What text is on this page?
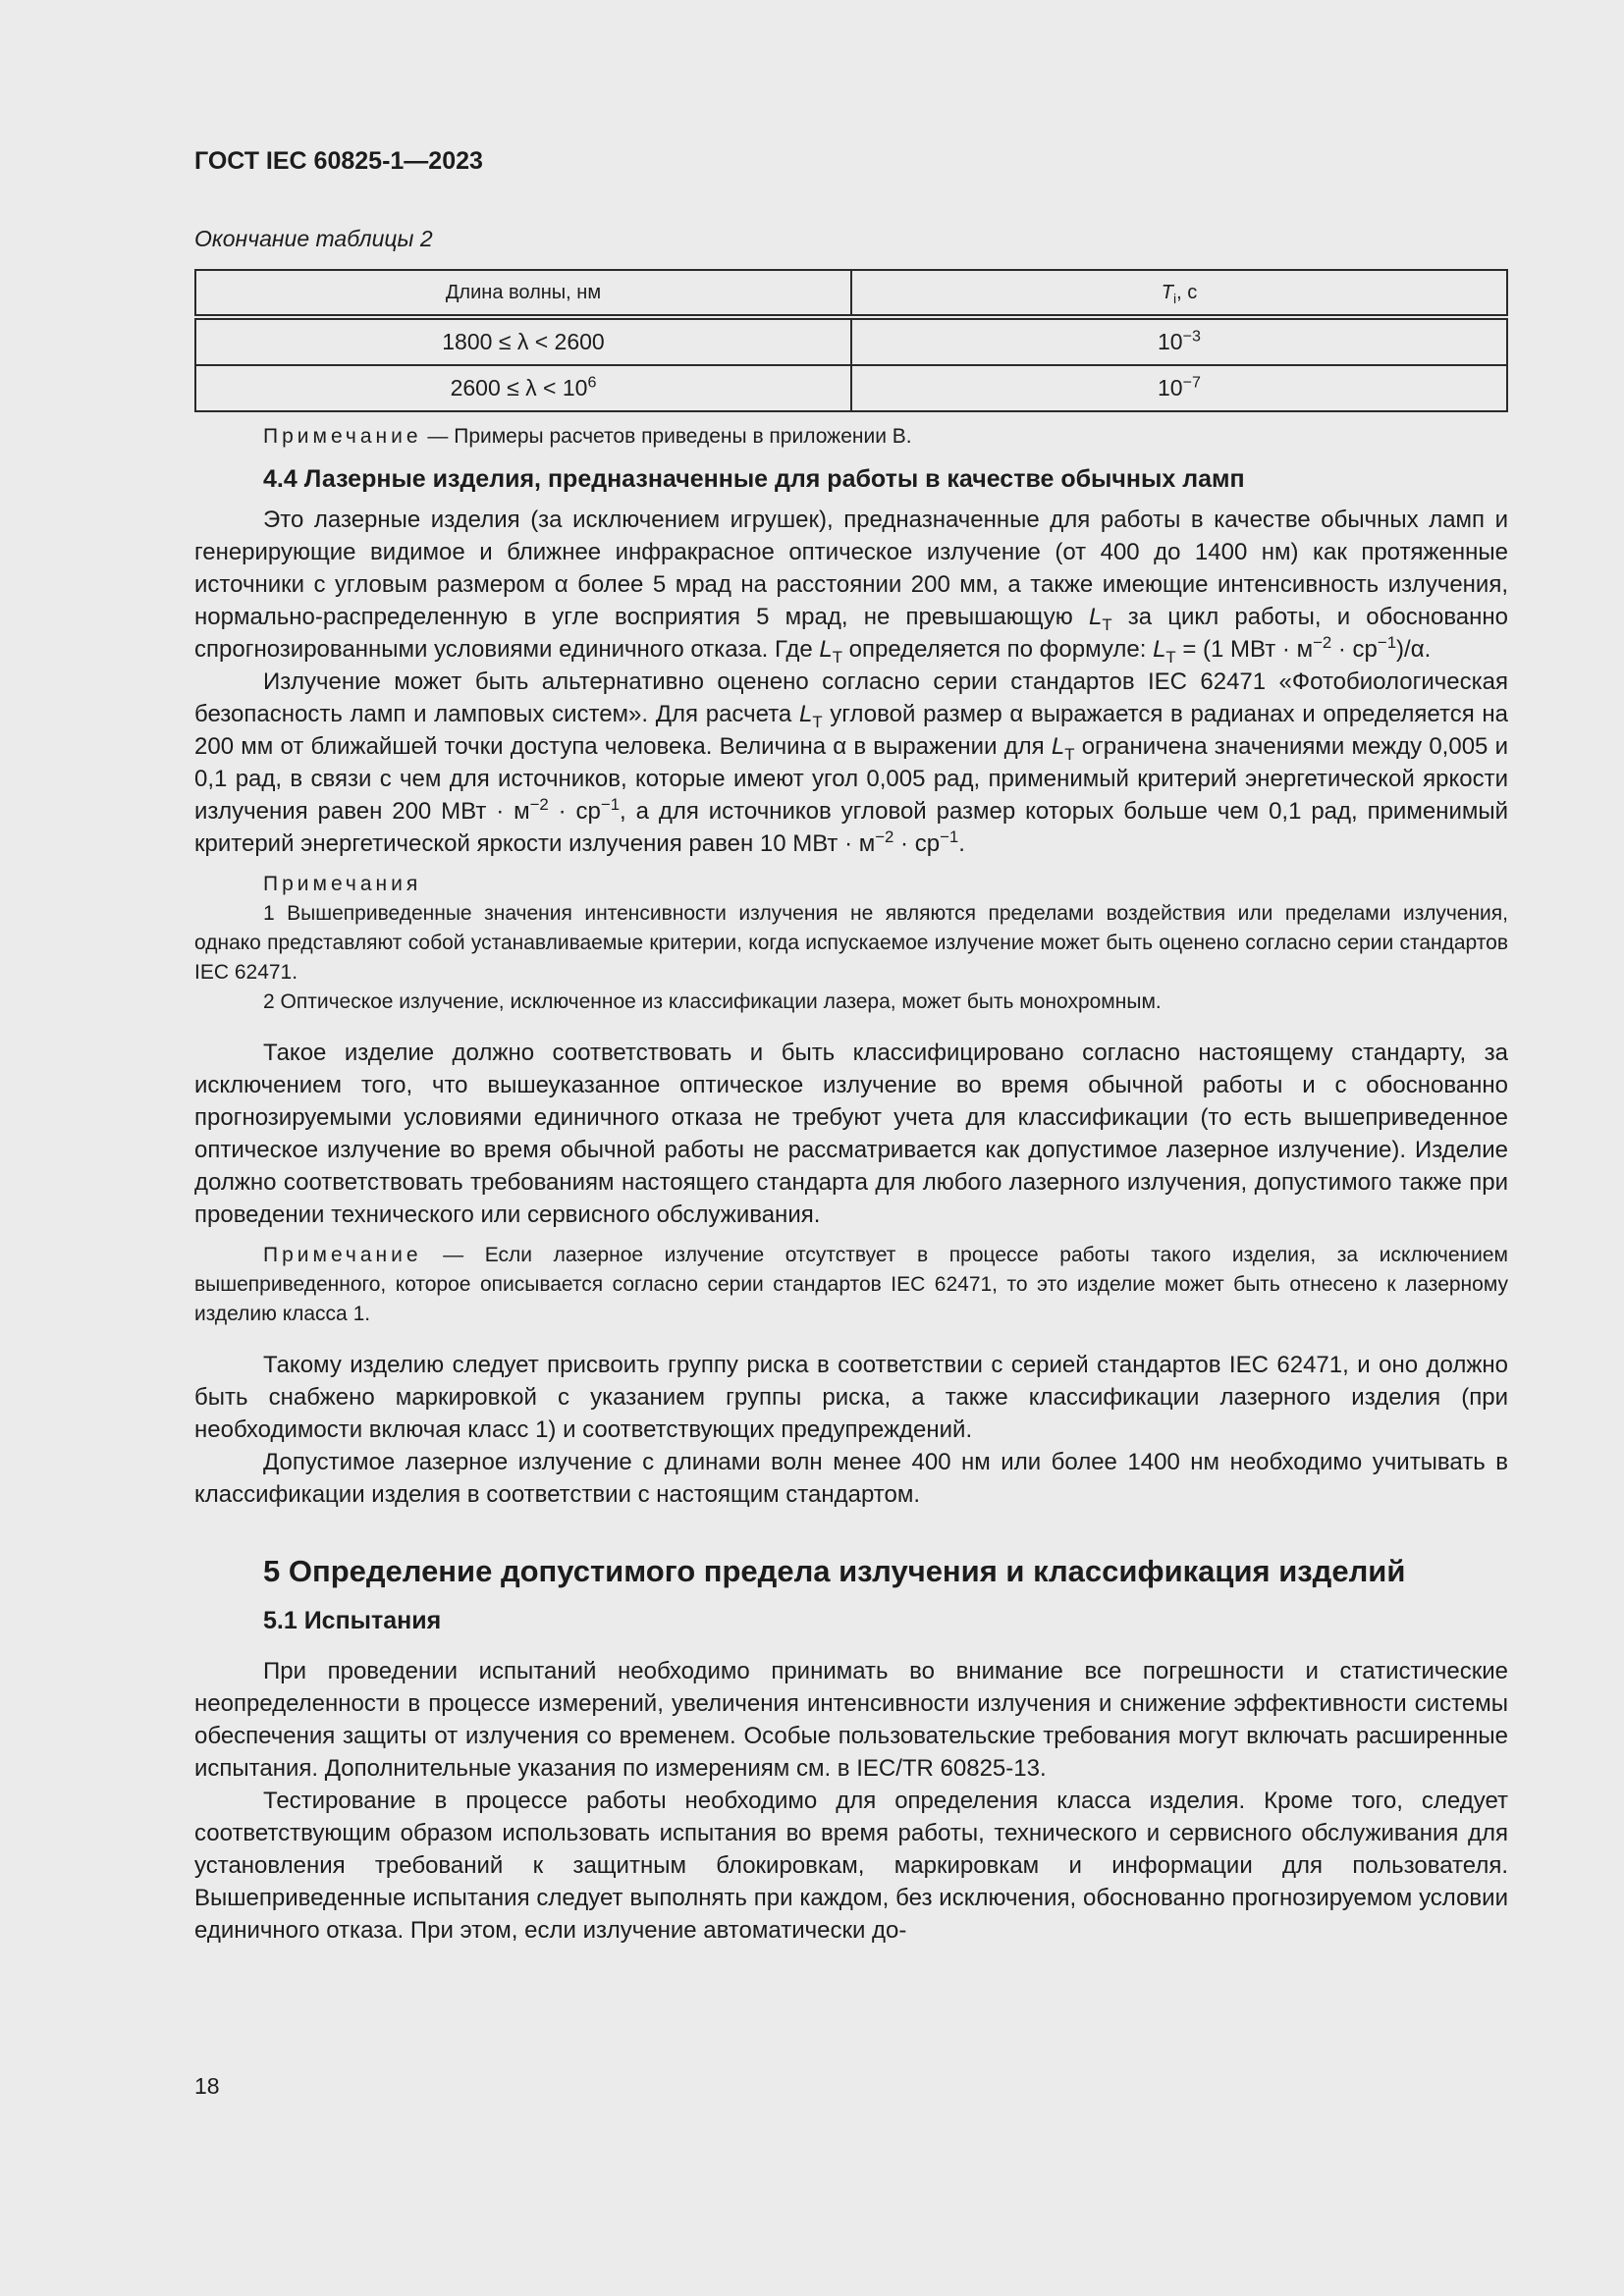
ГОСТ IEC 60825-1—2023
Окончание таблицы 2
Длина волны, нм	$T_i$, с
1800 ≤ λ < 2600	$10^{-3}$
$2600 \le \lambda < 10^6$	$10^{-7}$

Примечание — Примеры расчетов приведены в приложении В.

4.4 Лазерные изделия, предназначенные для работы в качестве обычных ламп

Это лазерные изделия (за исключением игрушек), предназначенные для работы в качестве обычных ламп и генерирующие видимое и ближнее инфракрасное оптическое излучение (от 400 до 1400 нм) как протяженные источники с угловым размером α более 5 мрад на расстоянии 200 мм, а также имеющие интенсивность излучения, нормально-распределенную в угле восприятия 5 мрад, не превышающую $L_T$ за цикл работы, и обоснованно спрогнозированными условиями единичного отказа. Где $L_T$ определяется по формуле: $L_T = (1$ МВт · $м^{-2} \cdot ср^{-1})/\alpha$.

Излучение может быть альтернативно оценено согласно серии стандартов IEC 62471 «Фотобиологическая безопасность ламп и ламповых систем». Для расчета $L_T$ угловой размер α выражается в радианах и определяется на 200 мм от ближайшей точки доступа человека. Величина α в выражении для $L_T$ ограничена значениями между 0,005 и 0,1 рад, в связи с чем для источников, которые имеют угол 0,005 рад, применимый критерий энергетической яркости излучения равен 200 МВт · $м^{-2} \cdot ср^{-1}$, а для источников угловой размер которых больше чем 0,1 рад, применимый критерий энергетической яркости излучения равен 10 МВт · $м^{-2} \cdot ср^{-1}$.

Примечания

1 Вышеприведенные значения интенсивности излучения не являются пределами воздействия или пределами излучения, однако представляют собой устанавливаемые критерии, когда испускаемое излучение может быть оценено согласно серии стандартов IEC 62471.

2 Оптическое излучение, исключенное из классификации лазера, может быть монохромным.

Такое изделие должно соответствовать и быть классифицировано согласно настоящему стандарту, за исключением того, что вышеуказанное оптическое излучение во время обычной работы и с обоснованно прогнозируемыми условиями единичного отказа не требуют учета для классификации (то есть вышеприведенное оптическое излучение во время обычной работы не рассматривается как допустимое лазерное излучение). Изделие должно соответствовать требованиям настоящего стандарта для любого лазерного излучения, допустимого также при проведении технического или сервисного обслуживания.

Примечание — Если лазерное излучение отсутствует в процессе работы такого изделия, за исключением вышеприведенного, которое описывается согласно серии стандартов IEC 62471, то это изделие может быть отнесено к лазерному изделию класса 1.

Такому изделию следует присвоить группу риска в соответствии с серией стандартов IEC 62471, и оно должно быть снабжено маркировкой с указанием группы риска, а также классификации лазерного изделия (при необходимости включая класс 1) и соответствующих предупреждений.

Допустимое лазерное излучение с длинами волн менее 400 нм или более 1400 нм необходимо учитывать в классификации изделия в соответствии с настоящим стандартом.

5 Определение допустимого предела излучения и классификация изделий

5.1 Испытания

При проведении испытаний необходимо принимать во внимание все погрешности и статистические неопределенности в процессе измерений, увеличения интенсивности излучения и снижение эффективности системы обеспечения защиты от излучения со временем. Особые пользовательские требования могут включать расширенные испытания. Дополнительные указания по измерениям см. в IEC/TR 60825-13.

Тестирование в процессе работы необходимо для определения класса изделия. Кроме того, следует соответствующим образом использовать испытания во время работы, технического и сервисного обслуживания для установления требований к защитным блокировкам, маркировкам и информации для пользователя. Вышеприведенные испытания следует выполнять при каждом, без исключения, обоснованно прогнозируемом условии единичного отказа. При этом, если излучение автоматически до-

18
